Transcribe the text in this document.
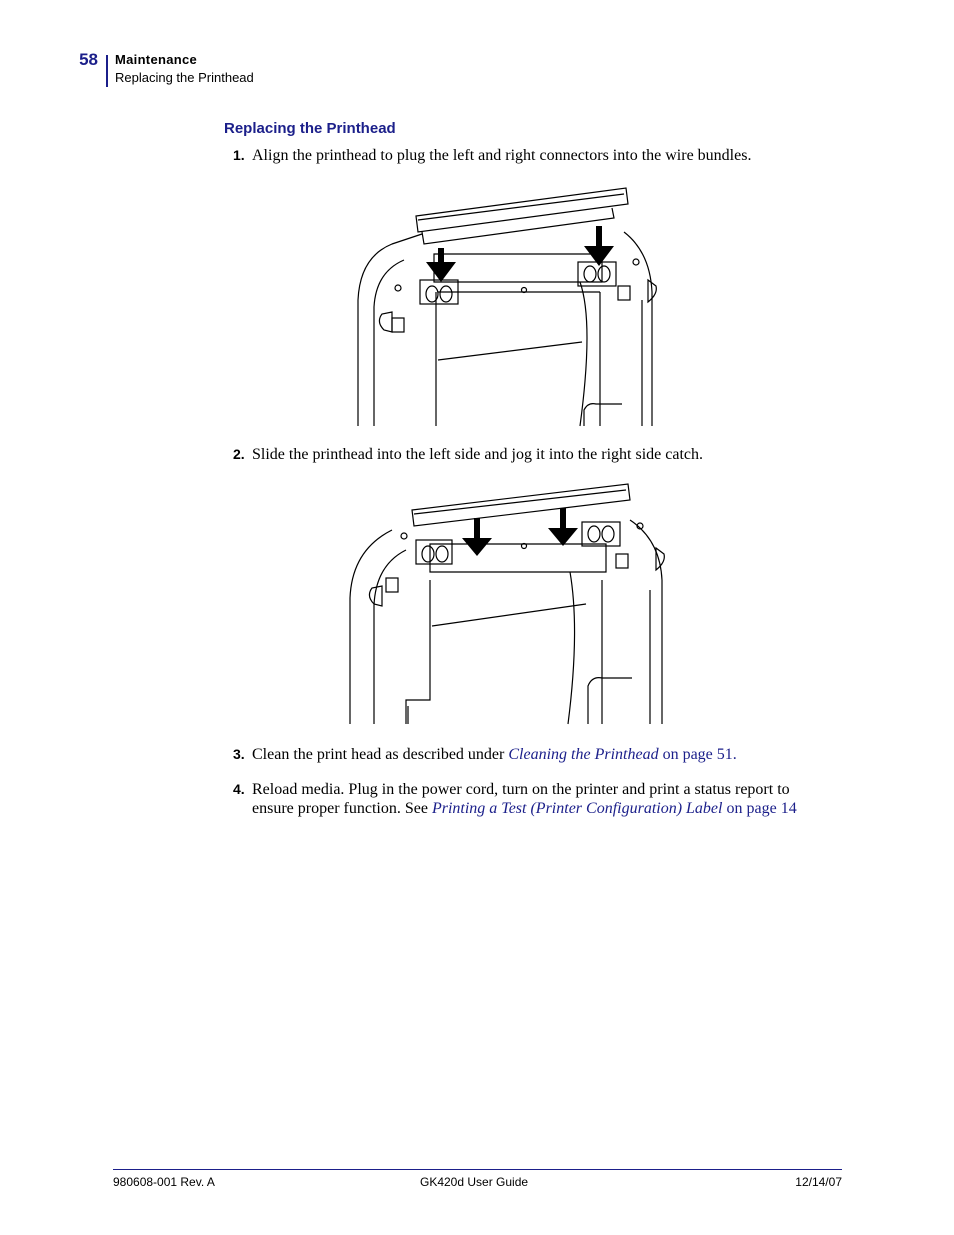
58 Maintenance
Replacing the Printhead
Replacing the Printhead
1. Align the printhead to plug the left and right connectors into the wire bundles.
2. Slide the printhead into the left side and jog it into the right side catch.
3. Clean the print head as described under Cleaning the Printhead on page 51.
4. Reload media. Plug in the power cord, turn on the printer and print a status report to
ensure proper function. See Printing a Test (Printer Configuration) Label on page 14
980608-001 Rev. A	GK420d User Guide	12/14/07
